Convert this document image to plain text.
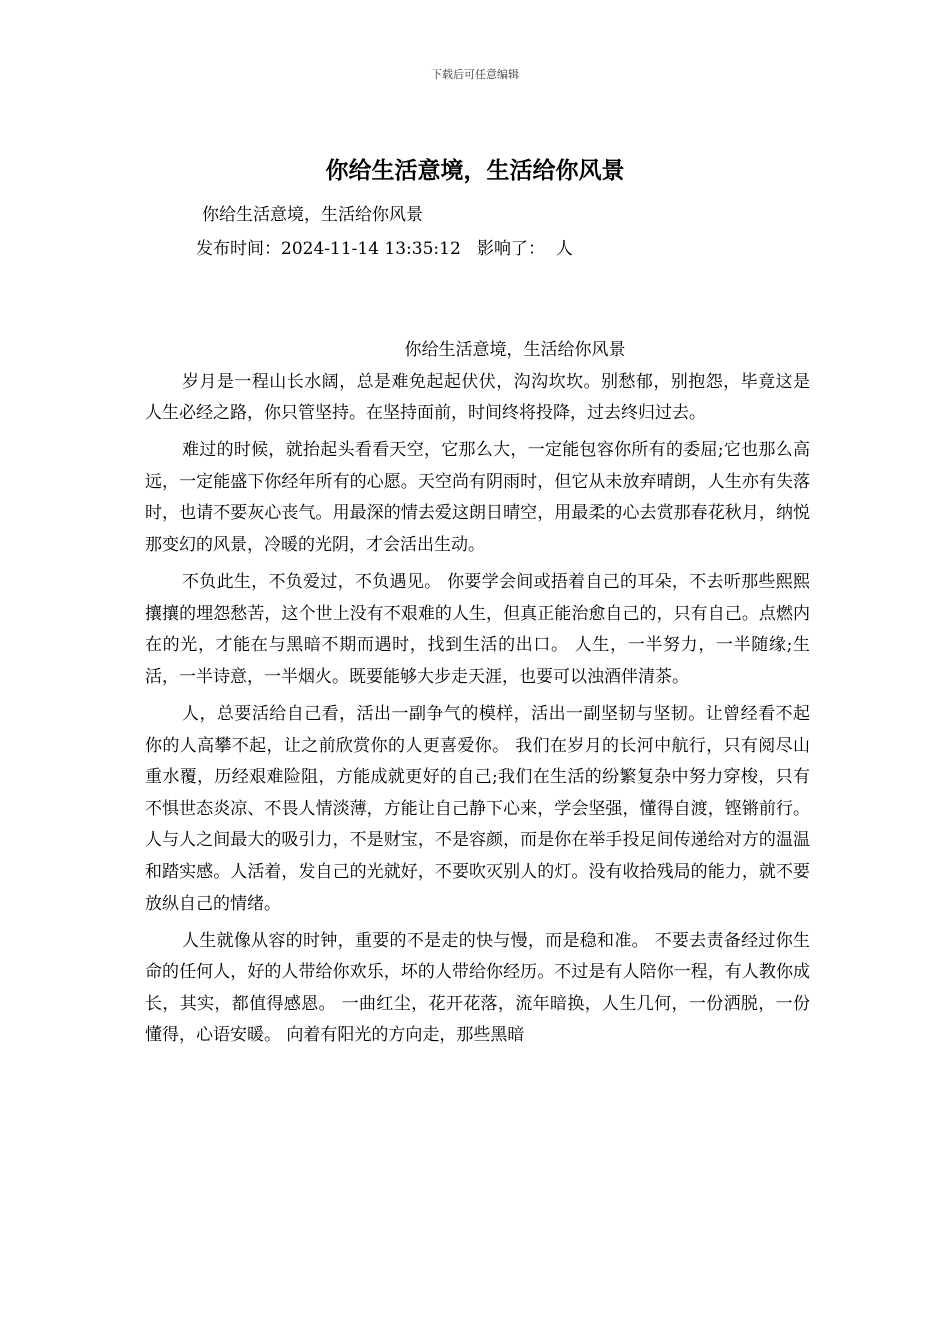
下载后可任意编辑
你给生活意境，生活给你风景
你给生活意境，生活给你风景
发布时间：2024-11-14 13:35:12 影响了： 人
你给生活意境，生活给你风景

岁月是一程山长水阔，总是难免起起伏伏，沟沟坎坎。别愁郁，别抱怨，毕竟这是人生必经之路，你只管坚持。在坚持面前，时间终将投降，过去终归过去。

难过的时候，就抬起头看看天空，它那么大，一定能包容你所有的委屈;它也那么高远，一定能盛下你经年所有的心愿。天空尚有阴雨时，但它从未放弃晴朗，人生亦有失落时，也请不要灰心丧气。用最深的情去爱这朗日晴空，用最柔的心去赏那春花秋月，纳悦那变幻的风景，冷暖的光阴，才会活出生动。

不负此生，不负爱过，不负遇见。 你要学会间或捂着自己的耳朵，不去听那些熙熙攘攘的埋怨愁苦，这个世上没有不艰难的人生，但真正能治愈自己的，只有自己。点燃内在的光，才能在与黑暗不期而遇时，找到生活的出口。 人生，一半努力，一半随缘;生活，一半诗意，一半烟火。既要能够大步走天涯，也要可以浊酒伴清茶。

人，总要活给自己看，活出一副争气的模样，活出一副坚韧与坚韧。让曾经看不起你的人高攀不起，让之前欣赏你的人更喜爱你。 我们在岁月的长河中航行，只有阅尽山重水覆，历经艰难险阻，方能成就更好的自己;我们在生活的纷繁复杂中努力穿梭，只有不惧世态炎凉、不畏人情淡薄，方能让自己静下心来，学会坚强，懂得自渡，铿锵前行。 人与人之间最大的吸引力，不是财宝，不是容颜，而是你在举手投足间传递给对方的温温和踏实感。人活着，发自己的光就好，不要吹灭别人的灯。没有收拾残局的能力，就不要放纵自己的情绪。

人生就像从容的时钟，重要的不是走的快与慢，而是稳和准。 不要去责备经过你生命的任何人，好的人带给你欢乐，坏的人带给你经历。不过是有人陪你一程，有人教你成长，其实，都值得感恩。 一曲红尘，花开花落，流年暗换，人生几何，一份洒脱，一份懂得，心语安暖。 向着有阳光的方向走，那些黑暗
